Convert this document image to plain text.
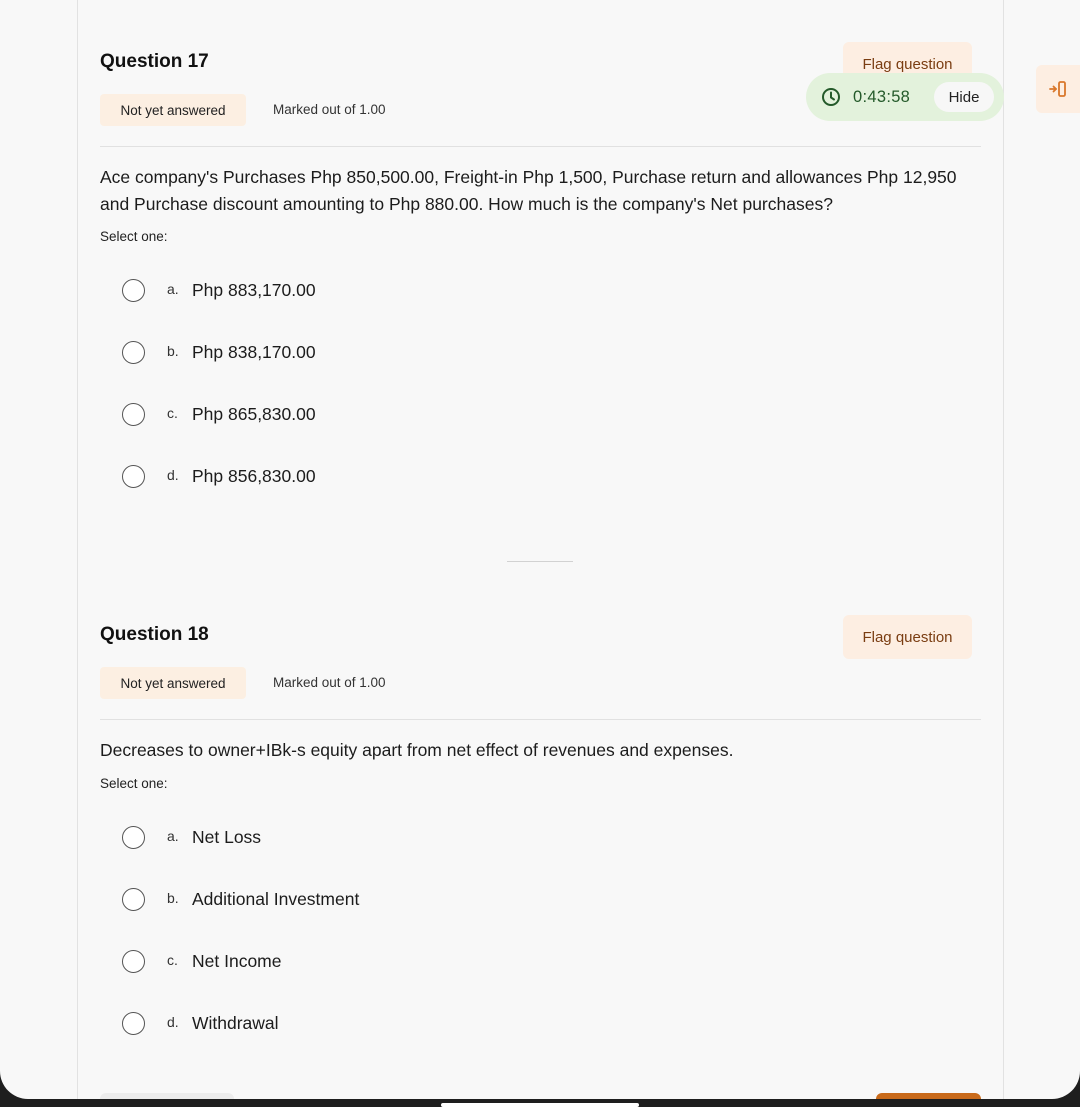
Question 17	Flag question
Not yet answered	Marked out of 1.00
Ace company's Purchases Php 850,500.00, Freight-in Php 1,500, Purchase return and allowances Php 12,950 and Purchase discount amounting to Php 880.00. How much is the company's Net purchases?
Select one:
a. Php 883,170.00
b. Php 838,170.00
c. Php 865,830.00
d. Php 856,830.00
Question 18	Flag question
Not yet answered	Marked out of 1.00
Decreases to owner+IBk-s equity apart from net effect of revenues and expenses.
Select one:
a. Net Loss
b. Additional Investment
c. Net Income
d. Withdrawal
0:43:58	Hide
